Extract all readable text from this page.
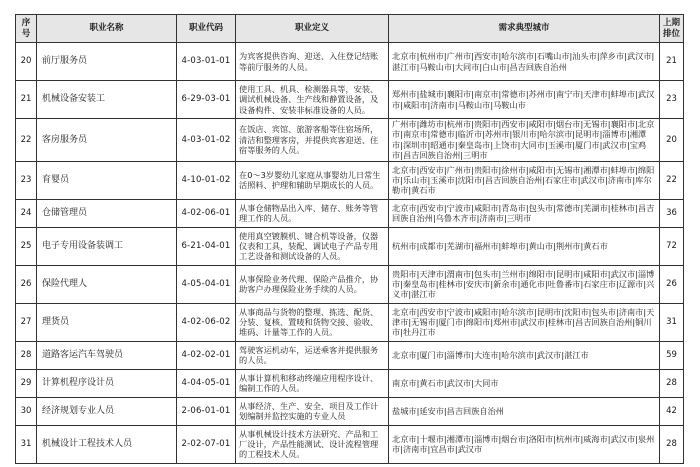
序号	职业名称	职业代码	职业定义	需求典型城市	上期排位
20	前厅服务员	4-03-01-01	为宾客提供咨询、迎送、入住登记结账等前厅服务的人员。	北京市|杭州市|广州市|西安市|哈尔滨市|石嘴山市|汕头市|萍乡市|武汉市|湛江市|马鞍山市|大同市|白山市|昌吉回族自治州	21
21	机械设备安装工	6-29-03-01	使用工具、机具、检测器具等，安装、调试机械设备、生产线和静置设备，及设备构件、安装非标准设备的人员。	郑州市|盐城市|襄阳市|南京市|常德市|苏州市|南宁市|天津市|蚌埠市|武汉市|咸阳市|济南市|马鞍山市|马鞍山市	23
22	客房服务员	4-03-01-02	在饭店、宾馆、旅游客船等住宿场所，清洁和整理客房，并提供宾客迎送、住宿等服务的人员。	广州市|潍坊市|杭州市|贵阳市|西安市|咸阳市|烟台市|无锡市|襄阳市|北京市|南京市|常德市|临沂市|苏州市|银川市|哈尔滨市|昆明市|淄博市|湘潭市|深圳市|昭通市|秦皇岛市|上饶市|大同市|玉溪市|厦门市|武汉市|宝鸡市|昌吉回族自治州|三明市	20
23	育婴员	4-10-01-02	在0～3岁婴幼儿家庭从事婴幼儿日常生活照料、护理和辅助早期成长的人员。	北京市|西安市|广州市|贵阳市|徐州市|咸阳市|无锡市|湘潭市|蚌埠市|绵阳市|乐山市|玉溪市|沈阳市|昌吉回族自治州|石家庄市|武汉市|济南市|库尔勒市|黄石市	22
24	仓储管理员	4-02-06-01	从事仓储物品出入库、储存、账务等管理工作的人员。	北京市|西安市|宁波市|咸阳市|青岛市|包头市|常德市|芜湖市|桂林市|昌吉回族自治州|乌鲁木齐市|济南市|三明市	36
25	电子专用设备装调工	6-21-04-01	使用真空镀膜机、键合机等设备，仪器仪表和工具，装配、调试电子产品专用工艺设备和测试设备的人员。	杭州市|成都市|芜湖市|福州市|蚌埠市|黄山市|荆州市|黄石市	72
26	保险代理人	4-05-04-01	从事保险业务代理、保险产品推介，协助客户办理保险业务手续的人员。	贵阳市|天津市|渭南市|包头市|兰州市|绵阳市|昆明市|咸阳市|武汉市|淄博市|秦皇岛市|桂林市|安庆市|新余市|通化市|吐鲁番市|石家庄市|辽源市|兴义市|湛江市	26
27	理货员	4-02-06-02	从事商品与货物的整理、拣选、配货、分装、复核、置唛和货物交接、验收、堆码、计量等工作的人员。	北京市|西安市|宁波市|咸阳市|哈尔滨市|昆明市|沈阳市|包头市|济南市|天津市|无锡市|厦门市|绵阳市|郑州市|武汉市|桂林市|昌吉回族自治州|铜川市|牡丹江市	31
28	道路客运汽车驾驶员	4-02-02-01	驾驶客运机动车，运送乘客并提供服务的人员。	北京市|厦门市|淄博市|大连市|哈尔滨市|武汉市|湛江市	59
29	计算机程序设计员	4-04-05-01	从事计算机和移动终端应用程序设计、编制工作的人员。	南京市|黄石市|武汉市|大同市	28
30	经济规划专业人员	2-06-01-01	从事经济、生产、安全、项目及工作计划编制并监控实施的专业人员	盐城市|延安市|昌吉回族自治州	42
31	机械设计工程技术人员	2-02-07-01	从事机械设计技术方法研究、产品和工厂设计，产品性能测试、设计流程管理的工程技术人员。	北京市|十堰市|湘潭市|淄博市|烟台市|洛阳市|杭州市|威海市|武汉市|泉州市|济南市|宜昌市|武汉市	28
